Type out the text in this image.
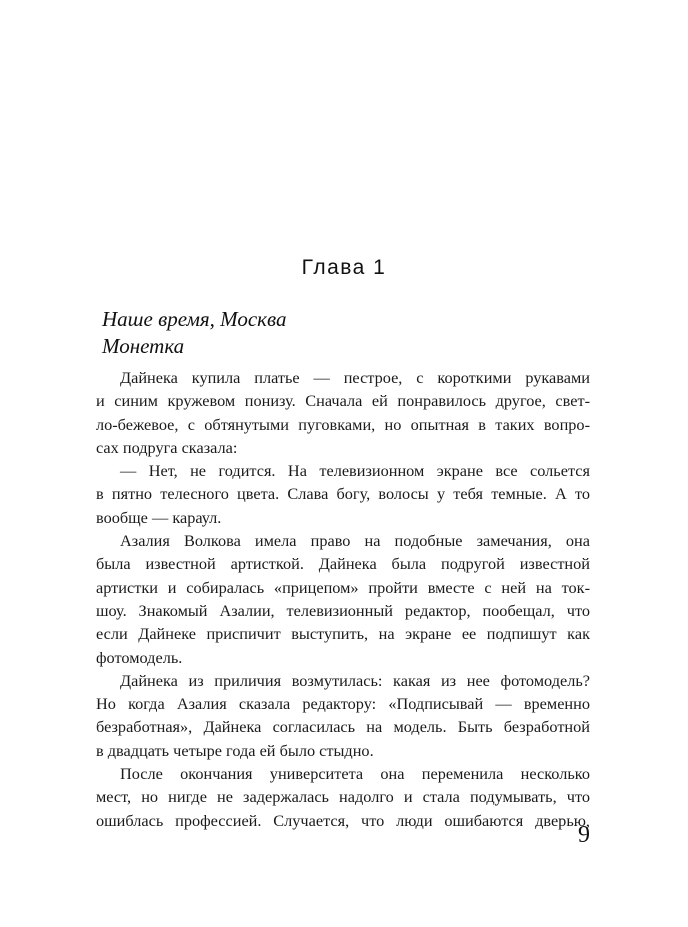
Глава 1
Наше время, Москва
Монетка
Дайнека купила платье — пестрое, с короткими рукавами
и синим кружевом понизу. Сначала ей понравилось другое, свет-
ло-бежевое, с обтянутыми пуговками, но опытная в таких вопро-
сах подруга сказала:
— Нет, не годится. На телевизионном экране все сольется
в пятно телесного цвета. Слава богу, волосы у тебя темные. А то
вообще — караул.
Азалия Волкова имела право на подобные замечания, она
была известной артисткой. Дайнека была подругой известной
артистки и собиралась «прицепом» пройти вместе с ней на ток-
шоу. Знакомый Азалии, телевизионный редактор, пообещал, что
если Дайнеке приспичит выступить, на экране ее подпишут как
фотомодель.
Дайнека из приличия возмутилась: какая из нее фотомодель?
Но когда Азалия сказала редактору: «Подписывай — временно
безработная», Дайнека согласилась на модель. Быть безработной
в двадцать четыре года ей было стыдно.
После окончания университета она переменила несколько
мест, но нигде не задержалась надолго и стала подумывать, что
ошиблась профессией. Случается, что люди ошибаются дверью,
9
